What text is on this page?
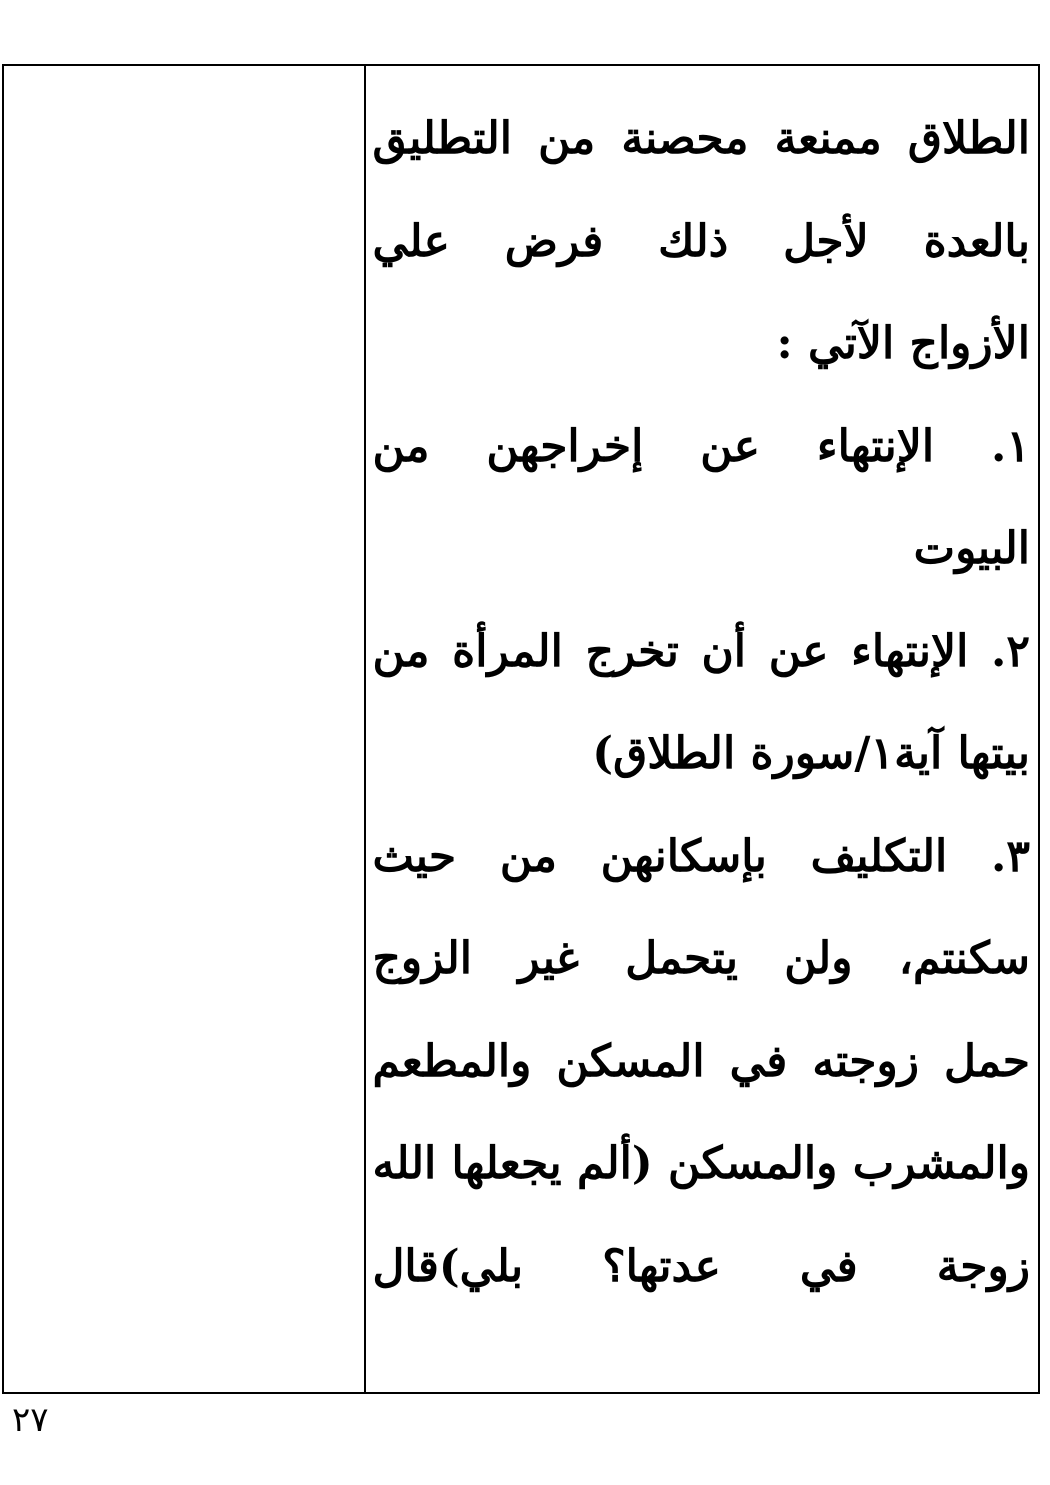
الطلاق ممنعة محصنة من التطليق
بالعدة لأجل ذلك فرض علي
الأزواج الآتي :
١. الإنتهاء عن إخراجهن من
البيوت
٢. الإنتهاء عن أن تخرج المرأة من
بيتها آية١/سورة الطلاق)
٣. التكليف بإسكانهن من حيث
سكنتم، ولن يتحمل غير الزوج
حمل زوجته في المسكن والمطعم
والمشرب والمسكن (ألم يجعلها الله
زوجة في عدتها؟ بلي)قال
٢٧
